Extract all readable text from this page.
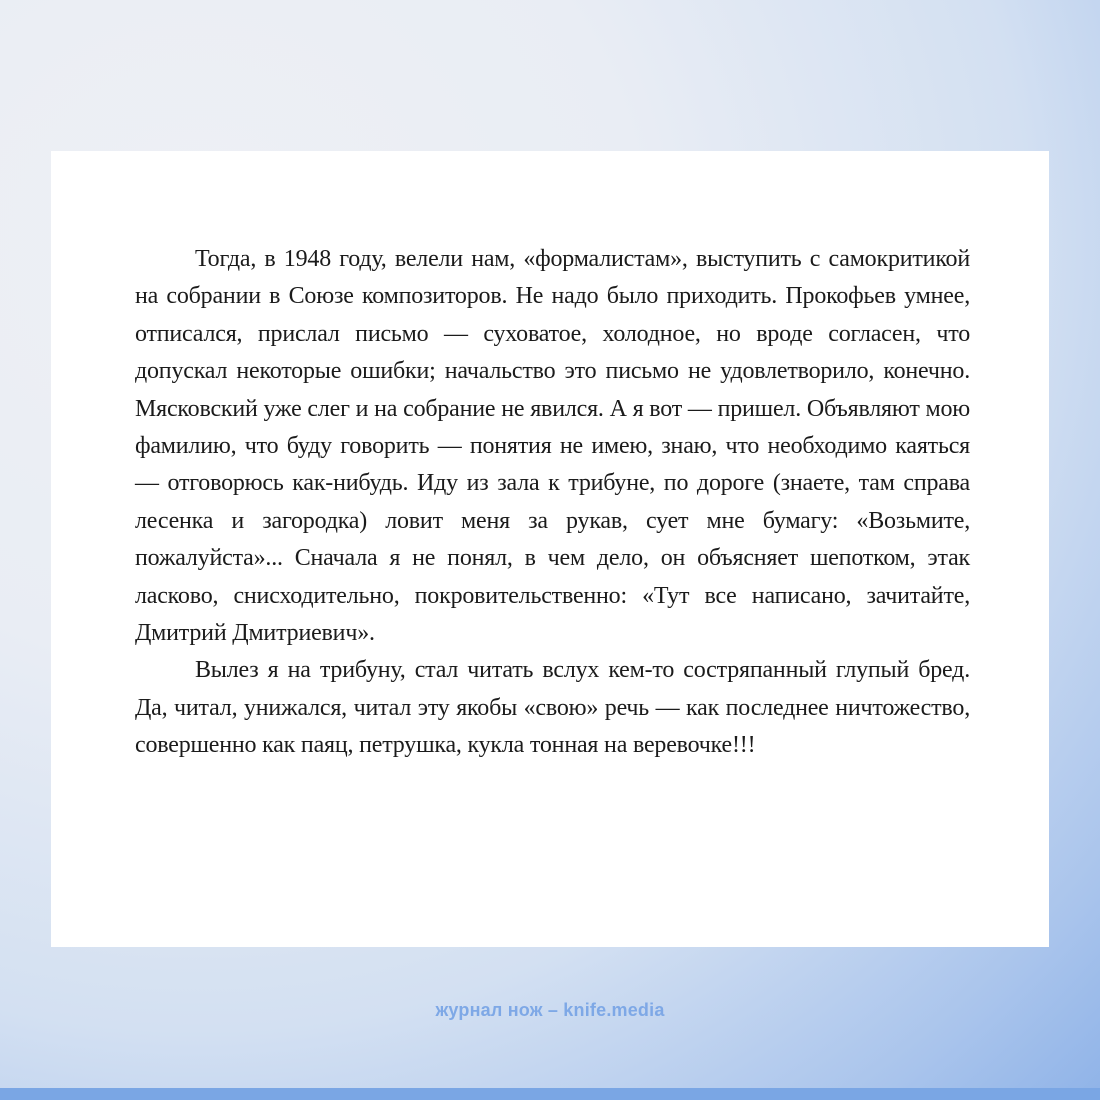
Тогда, в 1948 году, велели нам, «формалистам», выступить с самокритикой на собрании в Союзе композиторов. Не надо было приходить. Прокофьев умнее, отписался, прислал письмо — суховатое, холодное, но вроде согласен, что допускал некоторые ошибки; начальство это письмо не удовлетворило, конечно. Мясковский уже слег и на собрание не явился. А я вот — пришел. Объявляют мою фамилию, что буду говорить — понятия не имею, знаю, что необходимо каяться — отговорюсь как-нибудь. Иду из зала к трибуне, по дороге (знаете, там справа лесенка и загородка) ловит меня за рукав, сует мне бумагу: «Возьмите, пожалуйста»... Сначала я не понял, в чем дело, он объясняет шепотком, этак ласково, снисходительно, покровительственно: «Тут все написано, зачитайте, Дмитрий Дмитриевич».

Вылез я на трибуну, стал читать вслух кем-то состряпанный глупый бред. Да, читал, унижался, читал эту якобы «свою» речь — как последнее ничтожество, совершенно как паяц, петрушка, кукла тонная на веревочке!!!

журнал нож – knife.media
